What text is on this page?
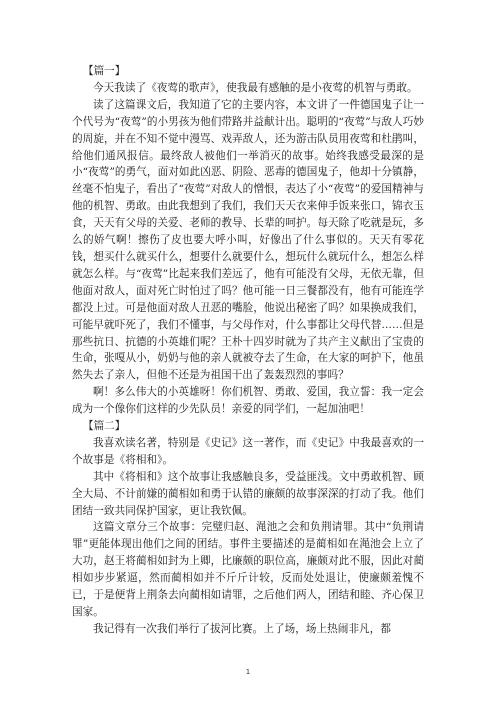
【篇一】

今天我读了《夜莺的歌声》，使我最有感触的是小夜莺的机智与勇敢。

读了这篇课文后，我知道了它的主要内容，本文讲了一件德国鬼子让一个代号为“夜莺”的小男孩为他们带路并益献计出。聪明的“夜莺”与敌人巧妙的周旋，并在不知不觉中漫骂、戏弄敌人，还为游击队员用夜莺和杜鹃叫，给他们通风报信。最终敌人被他们一举消灭的故事。始终我感受最深的是小“夜莺”的勇气，面对如此凶恶、阴险、恶毒的德国鬼子，他却十分镇静，丝毫不怕鬼子，看出了“夜莺”对敌人的憎恨，表达了小“夜莺”的爱国精神与他的机智、勇敢。由此我想到了我们，我们天天衣来伸手饭来张口，锦衣玉食，天天有父母的关爱、老师的教导、长辈的呵护。每天除了吃就是玩，多么的娇气啊！擦伤了皮也要大呼小叫，好像出了什么事似的。天天有零花钱，想买什么就买什么，想要什么就要什么，想玩什么就玩什么，想怎么样就怎么样。与“夜莺”比起来我们差远了，他有可能没有父母，无依无靠，但他面对敌人，面对死亡时怕过了吗？他可能一日三餐都没有，他有可能连学都没上过。可是他面对敌人丑恶的嘴脸，他说出秘密了吗？如果换成我们，可能早就吓死了，我们不懂事，与父母作对，什么事都让父母代替……但是那些抗日、抗德的小英雄们呢？王朴十四岁时就为了共产主义献出了宝贵的生命，张嘎从小，奶奶与他的亲人就被夺去了生命，在大家的呵护下，他虽然失去了亲人，但他不还是为祖国干出了轰轰烈烈的事吗？

啊！多么伟大的小英雄呀！你们机智、勇敢、爱国，我立誓：我一定会成为一个像你们这样的少先队员！亲爱的同学们，一起加油吧！

【篇二】

我喜欢读名著，特别是《史记》这一著作，而《史记》中我最喜欢的一个故事是《将相和》。

其中《将相和》这个故事让我感触良多，受益匪浅。文中勇敢机智、顾全大局、不计前嫌的蔺相如和勇于认错的廉颇的故事深深的打动了我。他们团结一致共同保护国家，更让我钦佩。

这篇文章分三个故事：完璧归赵、渑池之会和负荆请罪。其中“负荆请罪”更能体现出他们之间的团结。事件主要描述的是蔺相如在渑池会上立了大功，赵王将蔺相如封为上卿，比廉颇的职位高，廉颇对此不服，因此对蔺相如步步紧逼，然而蔺相如并不斤斤计较，反而处处退让，使廉颇羞愧不已，于是便背上荆条去向蔺相如请罪，之后他们两人，团结和睦、齐心保卫国家。

我记得有一次我们举行了拔河比赛。上了场，场上热闹非凡，都

1
